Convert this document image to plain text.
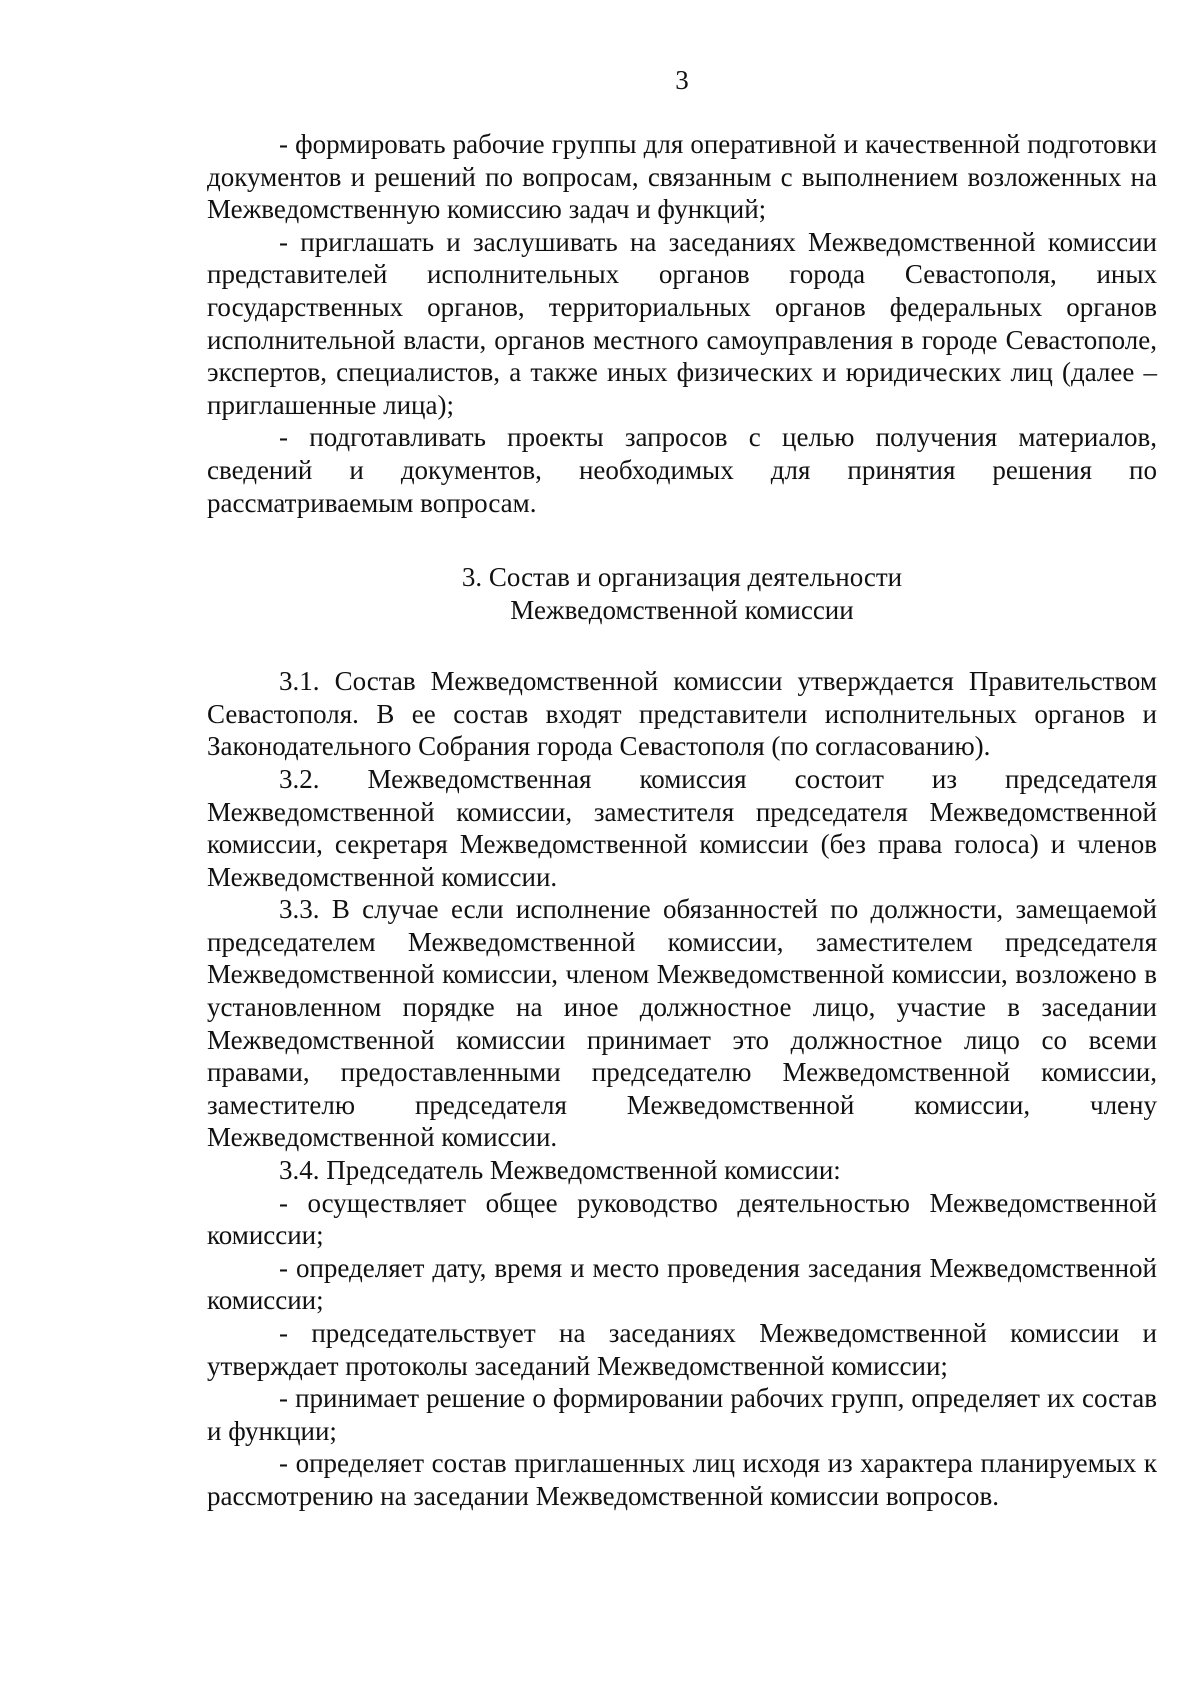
3

- формировать рабочие группы для оперативной и качественной подготовки документов и решений по вопросам, связанным с выполнением возложенных на Межведомственную комиссию задач и функций;

- приглашать и заслушивать на заседаниях Межведомственной комиссии представителей исполнительных органов города Севастополя, иных государственных органов, территориальных органов федеральных органов исполнительной власти, органов местного самоуправления в городе Севастополе, экспертов, специалистов, а также иных физических и юридических лиц (далее – приглашенные лица);

- подготавливать проекты запросов с целью получения материалов, сведений и документов, необходимых для принятия решения по рассматриваемым вопросам.

3. Состав и организация деятельности
Межведомственной комиссии

3.1. Состав Межведомственной комиссии утверждается Правительством Севастополя. В ее состав входят представители исполнительных органов и Законодательного Собрания города Севастополя (по согласованию).

3.2. Межведомственная комиссия состоит из председателя Межведомственной комиссии, заместителя председателя Межведомственной комиссии, секретаря Межведомственной комиссии (без права голоса) и членов Межведомственной комиссии.

3.3. В случае если исполнение обязанностей по должности, замещаемой председателем Межведомственной комиссии, заместителем председателя Межведомственной комиссии, членом Межведомственной комиссии, возложено в установленном порядке на иное должностное лицо, участие в заседании Межведомственной комиссии принимает это должностное лицо со всеми правами, предоставленными председателю Межведомственной комиссии, заместителю председателя Межведомственной комиссии, члену Межведомственной комиссии.

3.4. Председатель Межведомственной комиссии:

- осуществляет общее руководство деятельностью Межведомственной комиссии;

- определяет дату, время и место проведения заседания Межведомственной комиссии;

- председательствует на заседаниях Межведомственной комиссии и утверждает протоколы заседаний Межведомственной комиссии;

- принимает решение о формировании рабочих групп, определяет их состав и функции;

- определяет состав приглашенных лиц исходя из характера планируемых к рассмотрению на заседании Межведомственной комиссии вопросов.
